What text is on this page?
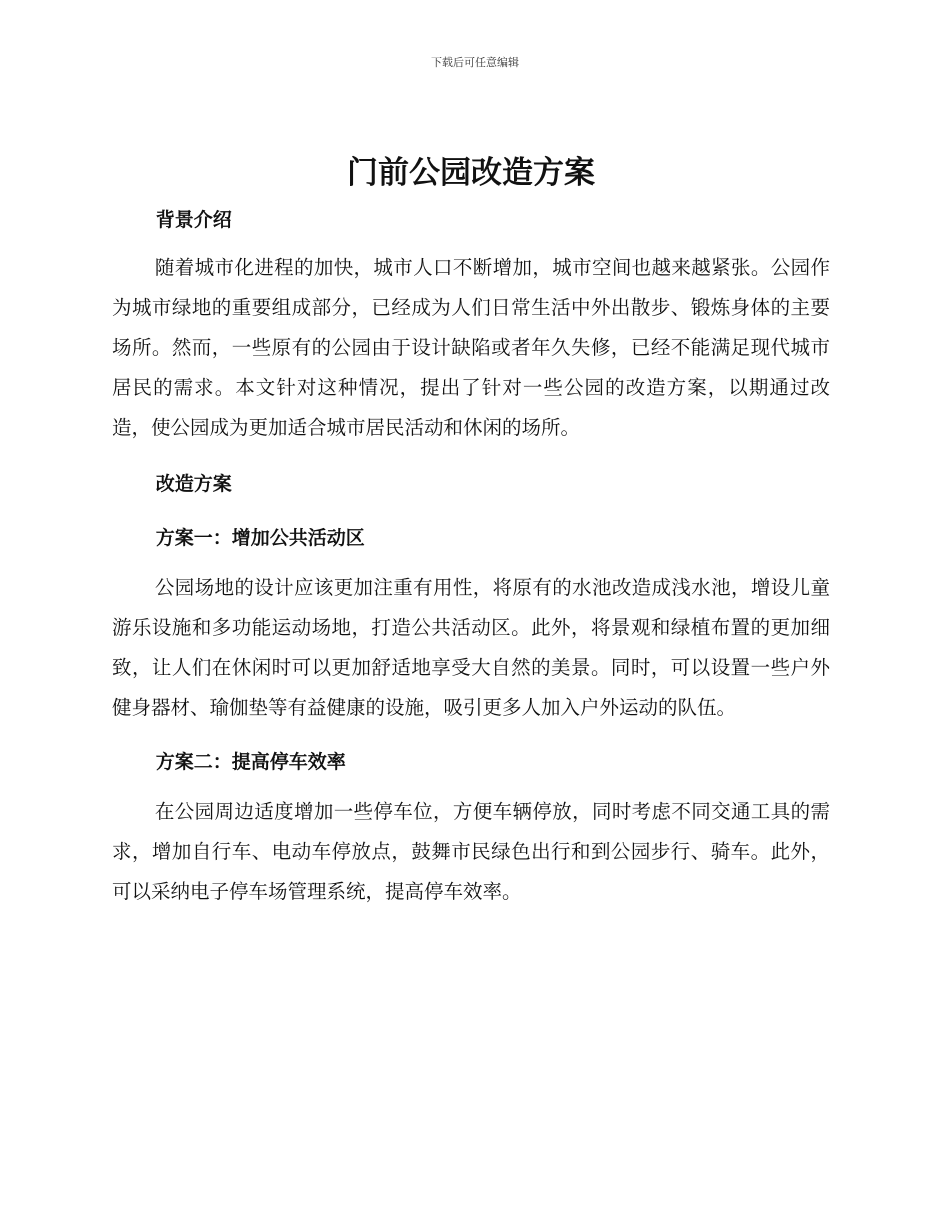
下载后可任意编辑
门前公园改造方案

背景介绍

随着城市化进程的加快，城市人口不断增加，城市空间也越来越紧张。公园作为城市绿地的重要组成部分，已经成为人们日常生活中外出散步、锻炼身体的主要场所。然而，一些原有的公园由于设计缺陷或者年久失修，已经不能满足现代城市居民的需求。本文针对这种情况，提出了针对一些公园的改造方案，以期通过改造，使公园成为更加适合城市居民活动和休闲的场所。

改造方案

方案一：增加公共活动区

公园场地的设计应该更加注重有用性，将原有的水池改造成浅水池，增设儿童游乐设施和多功能运动场地，打造公共活动区。此外，将景观和绿植布置的更加细致，让人们在休闲时可以更加舒适地享受大自然的美景。同时，可以设置一些户外健身器材、瑜伽垫等有益健康的设施，吸引更多人加入户外运动的队伍。

方案二：提高停车效率

在公园周边适度增加一些停车位，方便车辆停放，同时考虑不同交通工具的需求，增加自行车、电动车停放点，鼓舞市民绿色出行和到公园步行、骑车。此外，可以采纳电子停车场管理系统，提高停车效率。
